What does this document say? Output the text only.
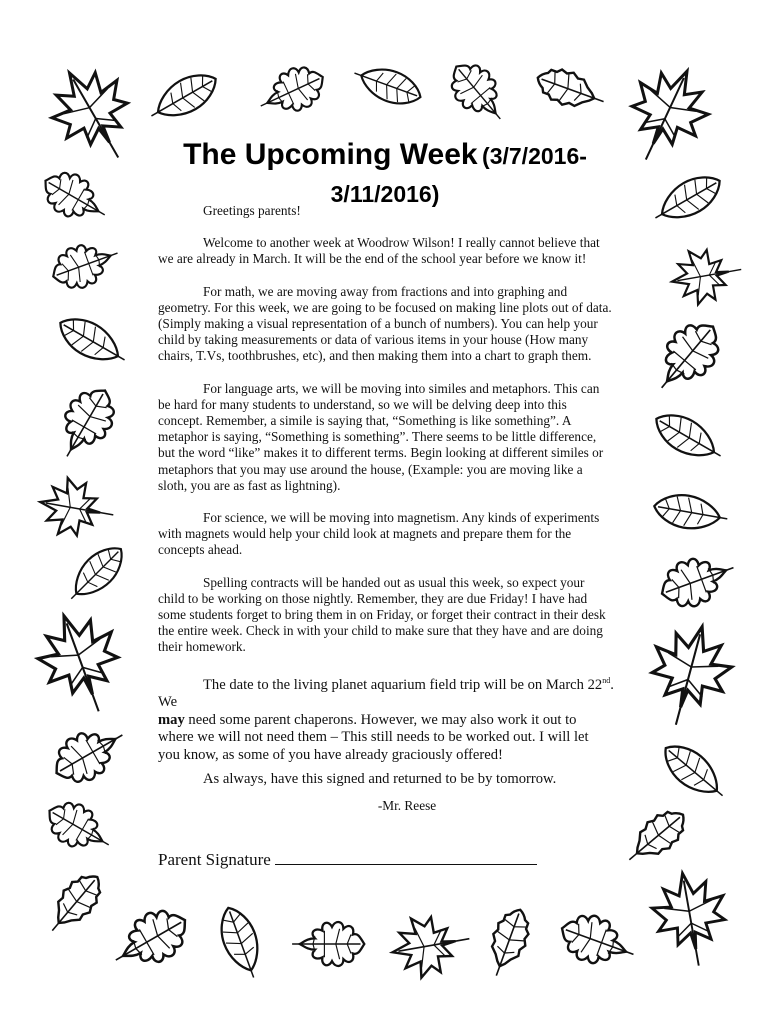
The Upcoming Week (3/7/2016-3/11/2016)

Greetings parents!

Welcome to another week at Woodrow Wilson! I really cannot believe that we are already in March. It will be the end of the school year before we know it!

For math, we are moving away from fractions and into graphing and geometry. For this week, we are going to be focused on making line plots out of data. (Simply making a visual representation of a bunch of numbers). You can help your child by taking measurements or data of various items in your house (How many chairs, T.Vs, toothbrushes, etc), and then making them into a chart to graph them.

For language arts, we will be moving into similes and metaphors. This can be hard for many students to understand, so we will be delving deep into this concept. Remember, a simile is saying that, “Something is like something”. A metaphor is saying, “Something is something”. There seems to be little difference, but the word “like” makes it to different terms. Begin looking at different similes or metaphors that you may use around the house, (Example: you are moving like a sloth, you are as fast as lightning).

For science, we will be moving into magnetism. Any kinds of experiments with magnets would help your child look at magnets and prepare them for the concepts ahead.

Spelling contracts will be handed out as usual this week, so expect your child to be working on those nightly. Remember, they are due Friday! I have had some students forget to bring them in on Friday, or forget their contract in their desk the entire week. Check in with your child to make sure that they have and are doing their homework.

The date to the living planet aquarium field trip will be on March 22nd. We
may need some parent chaperons. However, we may also work it out to where we will not need them – This still needs to be worked out. I will let you know, as some of you have already graciously offered!

As always, have this signed and returned to be by tomorrow.

-Mr. Reese

Parent Signature
